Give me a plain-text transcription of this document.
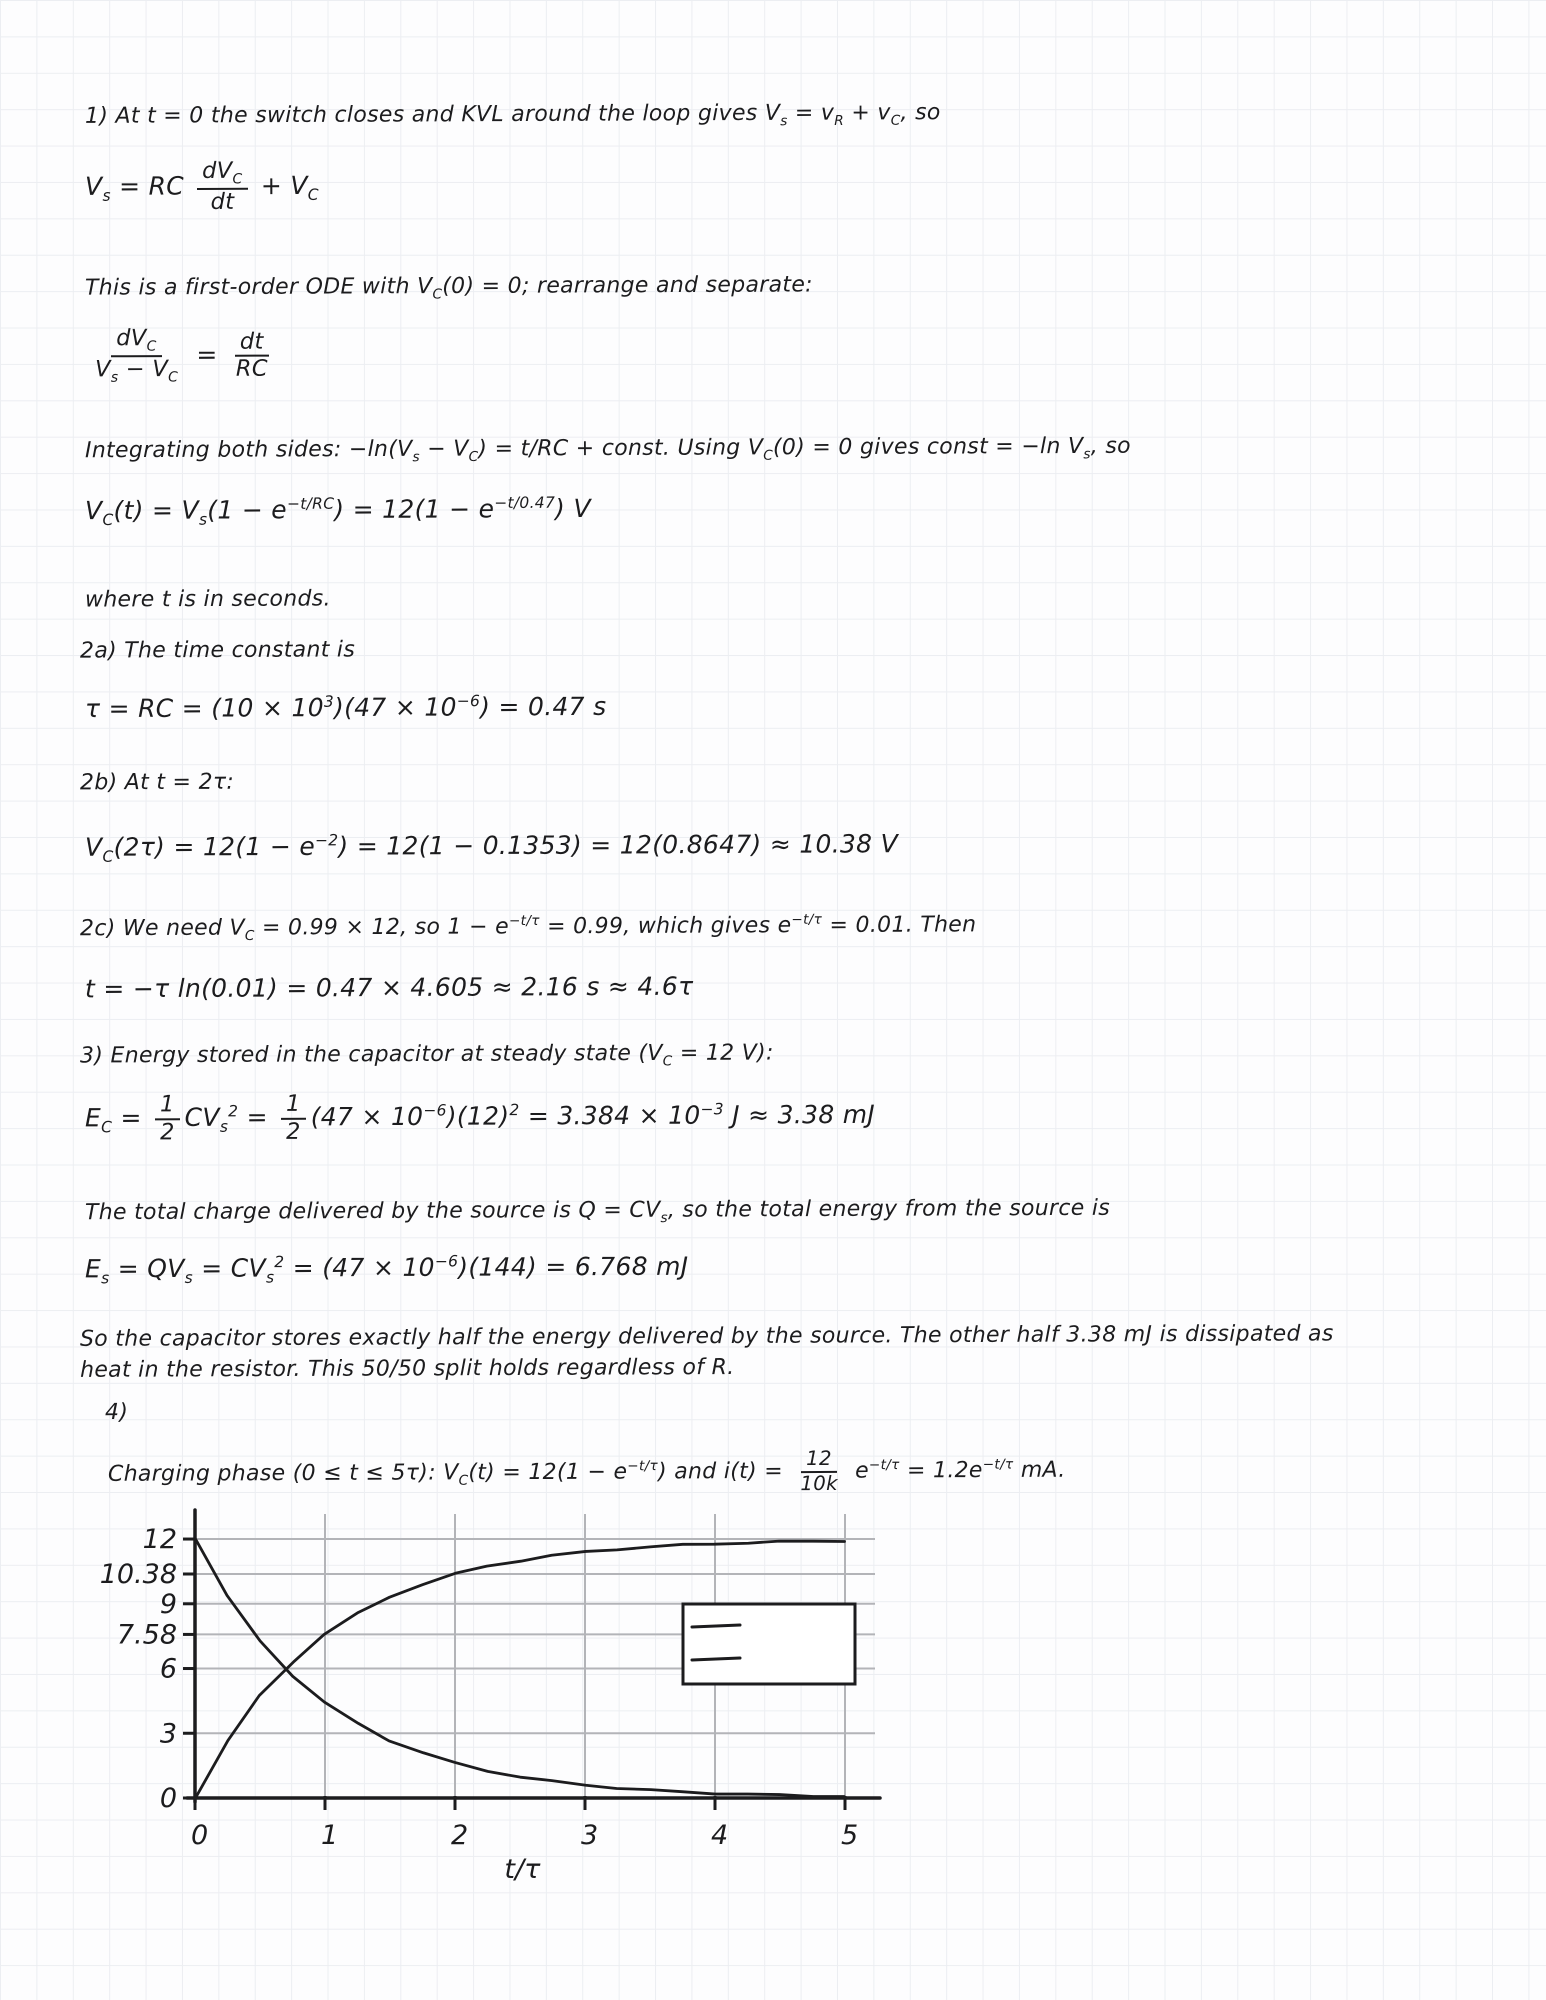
1) At t = 0 the switch closes and KVL around the loop gives $V_s = v_R + v_C$, so
$V_s$ = RC $\frac{dV_C}{dt} + V_C$
This is a first-order ODE with $V_C(0) = 0$; rearrange and separate:
$\frac{dV_C}{V_s - V_C} = \frac{dt}{RC}$
Integrating both sides: $-\ln(V_s - V_C) = t/RC$ + const. Using $V_C(0) = 0$ gives const = −ln $V_s$, so
$V_C(t) = V_s(1 - e^{-t/RC}) = 12(1 - e^{-t/0.47})$ V
where t is in seconds.
2a) The time constant is
τ = RC = $(10 \times 10^3)(47 \times 10^{-6}) = 0.47$ s
2b) At t = 2τ:
$V_C(2\tau) = 12(1 - e^{-2}) = 12(1 - 0.1353) = 12(0.8647) \approx 10.38$ V
2c) We need $V_C = 0.99 \times 12$, so $1 - e^{-t/\tau} = 0.99$, which gives $e^{-t/\tau} = 0.01$. Then
t = −τ ln(0.01) = 0.47 × 4.605 ≈ 2.16 s ≈ 4.6τ
3) Energy stored in the capacitor at steady state ($V_C = 12$ V):
$E_C = \frac{1}{2} CV_s^2 = \frac{1}{2} (47 \times 10^{-6})(12)^2 = 3.384 \times 10^{-3}$ J ≈ 3.38 mJ
The total charge delivered by the source is $Q = CV_s$, so the total energy from the source is
$E_s = QV_s = CV_s^2 = (47 \times 10^{-6})(144) = 6.768$ mJ
So the capacitor stores exactly half the energy delivered by the source. The other half 3.38 mJ is dissipated as heat in the resistor. This 50/50 split holds regardless of R.
4)
Charging phase (0 ≤ t ≤ 5τ): $V_C(t) = 12(1 - e^{-t/\tau})$ and $i(t) = \frac{12}{10k} e^{-t/\tau} = 1.2e^{-t/\tau}$ mA.
0	1	2	3	4	5
0
3
6
7.58
9
10.38
12
t/τ
